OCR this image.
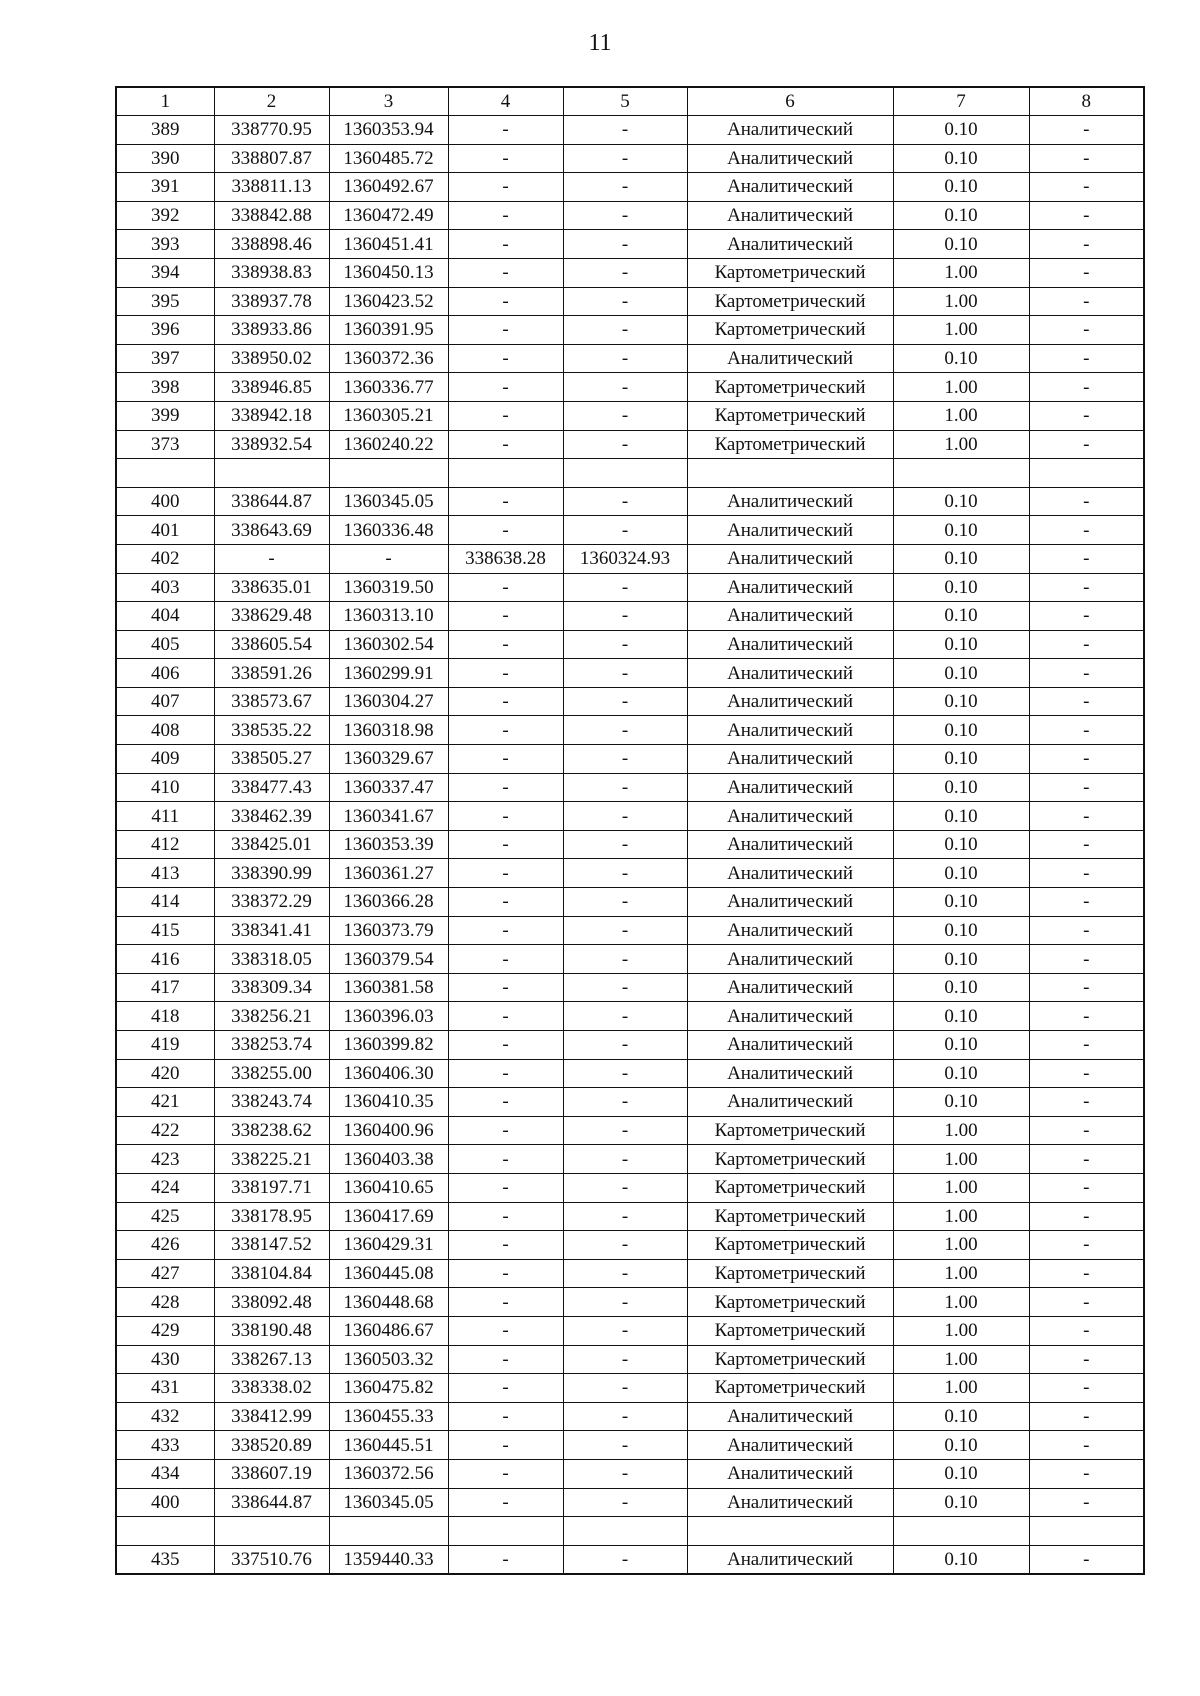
11
1	2	3	4	5	6	7	8
389	338770.95	1360353.94	-	-	Аналитический	0.10	-
390	338807.87	1360485.72	-	-	Аналитический	0.10	-
391	338811.13	1360492.67	-	-	Аналитический	0.10	-
392	338842.88	1360472.49	-	-	Аналитический	0.10	-
393	338898.46	1360451.41	-	-	Аналитический	0.10	-
394	338938.83	1360450.13	-	-	Картометрический	1.00	-
395	338937.78	1360423.52	-	-	Картометрический	1.00	-
396	338933.86	1360391.95	-	-	Картометрический	1.00	-
397	338950.02	1360372.36	-	-	Аналитический	0.10	-
398	338946.85	1360336.77	-	-	Картометрический	1.00	-
399	338942.18	1360305.21	-	-	Картометрический	1.00	-
373	338932.54	1360240.22	-	-	Картометрический	1.00	-

400	338644.87	1360345.05	-	-	Аналитический	0.10	-
401	338643.69	1360336.48	-	-	Аналитический	0.10	-
402	-	-	338638.28	1360324.93	Аналитический	0.10	-
403	338635.01	1360319.50	-	-	Аналитический	0.10	-
404	338629.48	1360313.10	-	-	Аналитический	0.10	-
405	338605.54	1360302.54	-	-	Аналитический	0.10	-
406	338591.26	1360299.91	-	-	Аналитический	0.10	-
407	338573.67	1360304.27	-	-	Аналитический	0.10	-
408	338535.22	1360318.98	-	-	Аналитический	0.10	-
409	338505.27	1360329.67	-	-	Аналитический	0.10	-
410	338477.43	1360337.47	-	-	Аналитический	0.10	-
411	338462.39	1360341.67	-	-	Аналитический	0.10	-
412	338425.01	1360353.39	-	-	Аналитический	0.10	-
413	338390.99	1360361.27	-	-	Аналитический	0.10	-
414	338372.29	1360366.28	-	-	Аналитический	0.10	-
415	338341.41	1360373.79	-	-	Аналитический	0.10	-
416	338318.05	1360379.54	-	-	Аналитический	0.10	-
417	338309.34	1360381.58	-	-	Аналитический	0.10	-
418	338256.21	1360396.03	-	-	Аналитический	0.10	-
419	338253.74	1360399.82	-	-	Аналитический	0.10	-
420	338255.00	1360406.30	-	-	Аналитический	0.10	-
421	338243.74	1360410.35	-	-	Аналитический	0.10	-
422	338238.62	1360400.96	-	-	Картометрический	1.00	-
423	338225.21	1360403.38	-	-	Картометрический	1.00	-
424	338197.71	1360410.65	-	-	Картометрический	1.00	-
425	338178.95	1360417.69	-	-	Картометрический	1.00	-
426	338147.52	1360429.31	-	-	Картометрический	1.00	-
427	338104.84	1360445.08	-	-	Картометрический	1.00	-
428	338092.48	1360448.68	-	-	Картометрический	1.00	-
429	338190.48	1360486.67	-	-	Картометрический	1.00	-
430	338267.13	1360503.32	-	-	Картометрический	1.00	-
431	338338.02	1360475.82	-	-	Картометрический	1.00	-
432	338412.99	1360455.33	-	-	Аналитический	0.10	-
433	338520.89	1360445.51	-	-	Аналитический	0.10	-
434	338607.19	1360372.56	-	-	Аналитический	0.10	-
400	338644.87	1360345.05	-	-	Аналитический	0.10	-

435	337510.76	1359440.33	-	-	Аналитический	0.10	-
